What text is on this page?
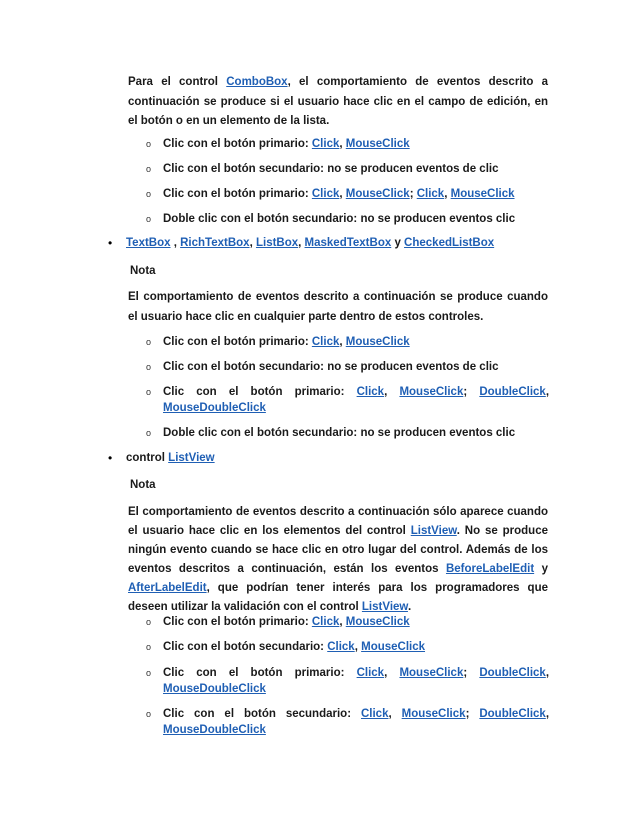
Para el control ComboBox, el comportamiento de eventos descrito a continuación se produce si el usuario hace clic en el campo de edición, en el botón o en un elemento de la lista.

o Clic con el botón primario: Click, MouseClick

o Clic con el botón secundario: no se producen eventos de clic

o Clic con el botón primario: Click, MouseClick; Click, MouseClick

o Doble clic con el botón secundario: no se producen eventos clic

• TextBox , RichTextBox, ListBox, MaskedTextBox y CheckedListBox

Nota

El comportamiento de eventos descrito a continuación se produce cuando el usuario hace clic en cualquier parte dentro de estos controles.

o Clic con el botón primario: Click, MouseClick

o Clic con el botón secundario: no se producen eventos de clic

o Clic con el botón primario: Click, MouseClick; DoubleClick,

MouseDoubleClick

o Doble clic con el botón secundario: no se producen eventos clic

• control ListView

Nota

El comportamiento de eventos descrito a continuación sólo aparece cuando el usuario hace clic en los elementos del control ListView. No se produce ningún evento cuando se hace clic en otro lugar del control. Además de los eventos descritos a continuación, están los eventos BeforeLabelEdit y AfterLabelEdit, que podrían tener interés para los programadores que deseen utilizar la validación con el control ListView.

o Clic con el botón primario: Click, MouseClick

o Clic con el botón secundario: Click, MouseClick

o Clic con el botón primario: Click, MouseClick; DoubleClick,

MouseDoubleClick

o Clic con el botón secundario: Click, MouseClick; DoubleClick,

MouseDoubleClick
